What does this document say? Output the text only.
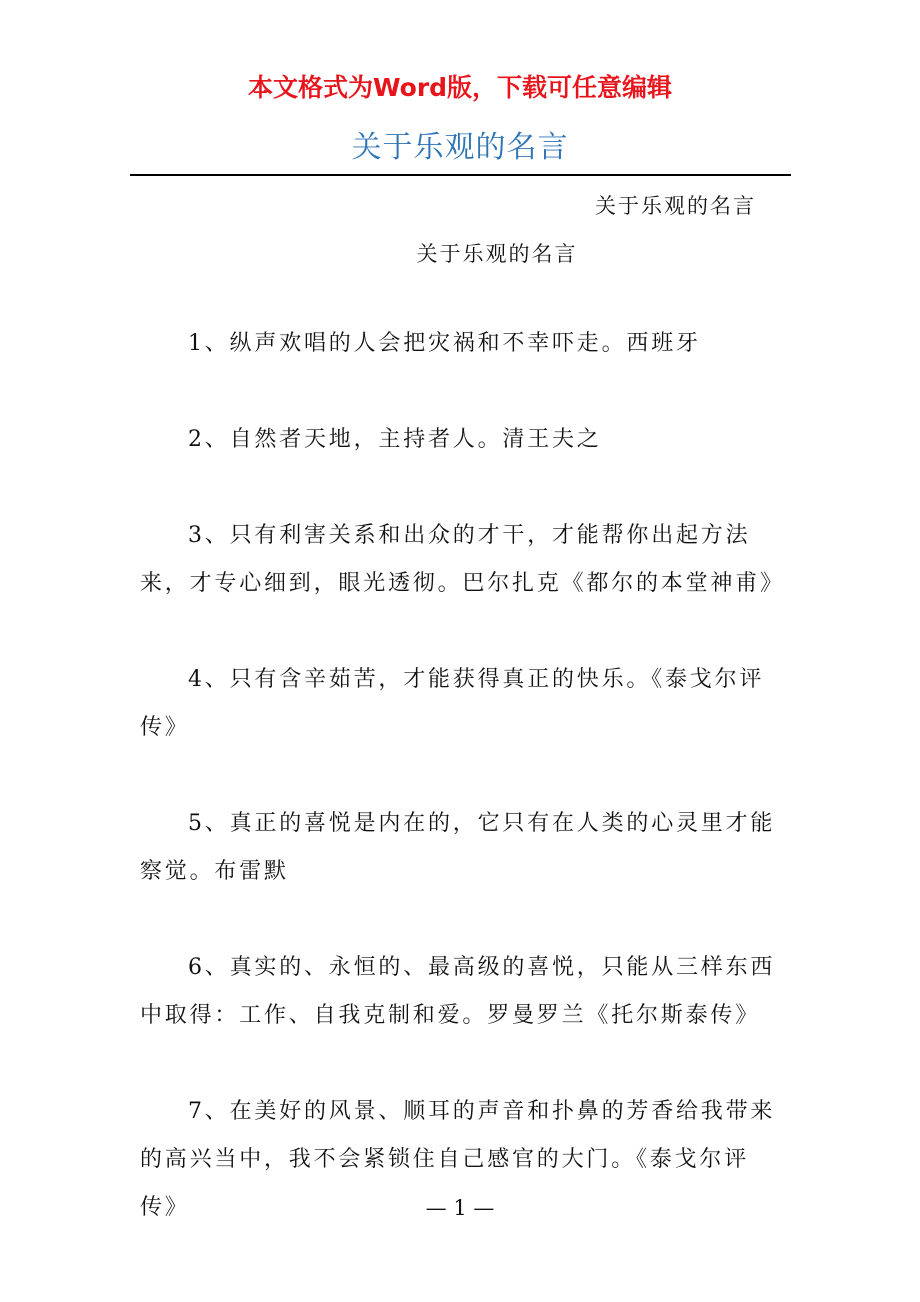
本文格式为Word版，下载可任意编辑
关于乐观的名言
关于乐观的名言
关于乐观的名言

1、纵声欢唱的人会把灾祸和不幸吓走。西班牙

2、自然者天地，主持者人。清王夫之

3、只有利害关系和出众的才干，才能帮你出起方法来，才专心细到，眼光透彻。巴尔扎克《都尔的本堂神甫》

4、只有含辛茹苦，才能获得真正的快乐。《泰戈尔评传》

5、真正的喜悦是内在的，它只有在人类的心灵里才能察觉。布雷默

6、真实的、永恒的、最高级的喜悦，只能从三样东西中取得：工作、自我克制和爱。罗曼罗兰《托尔斯泰传》

7、在美好的风景、顺耳的声音和扑鼻的芳香给我带来的高兴当中，我不会紧锁住自己感官的大门。《泰戈尔评传》	— 1 —
